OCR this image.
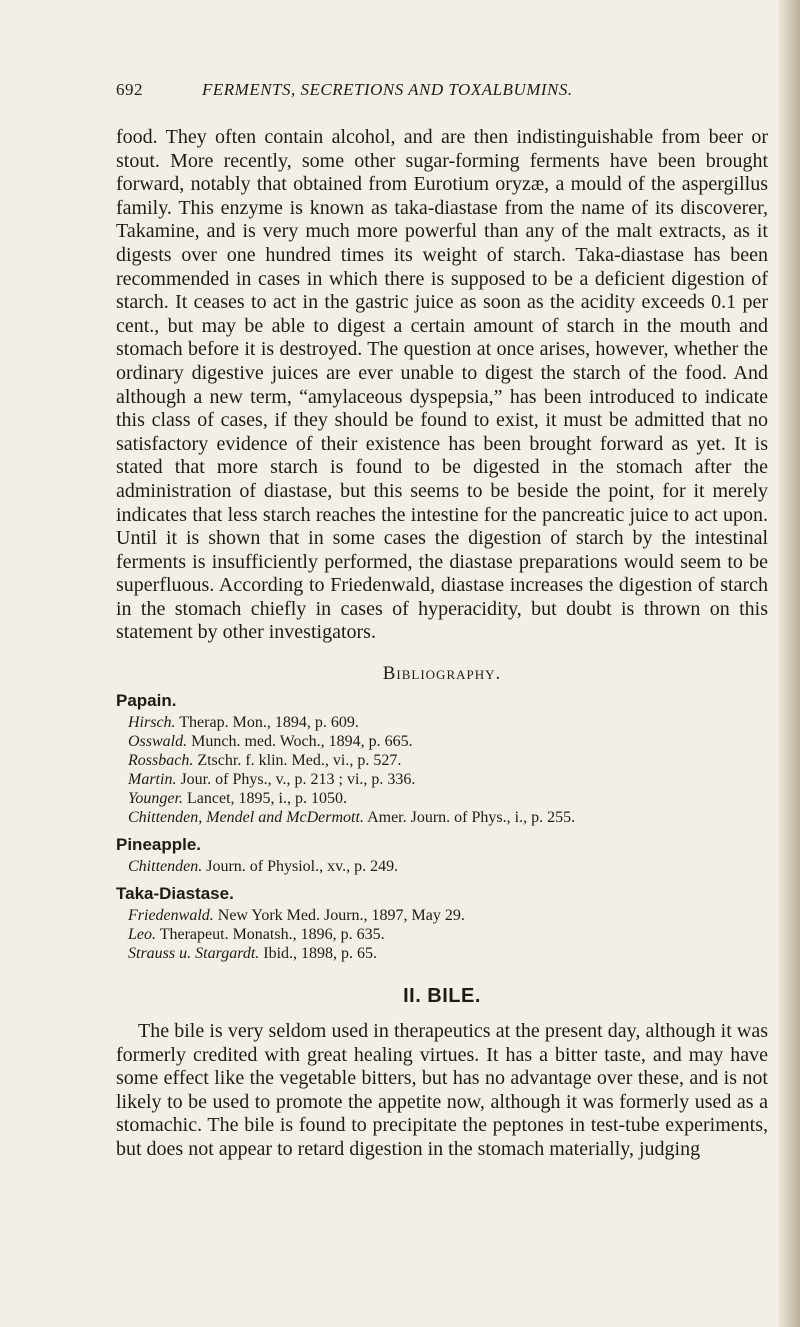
692	FERMENTS, SECRETIONS AND TOXALBUMINS.

food. They often contain alcohol, and are then indistinguishable from beer or stout. More recently, some other sugar-forming ferments have been brought forward, notably that obtained from Eurotium oryzæ, a mould of the aspergillus family. This enzyme is known as taka-diastase from the name of its discoverer, Takamine, and is very much more powerful than any of the malt extracts, as it digests over one hundred times its weight of starch. Taka-diastase has been recommended in cases in which there is supposed to be a deficient digestion of starch. It ceases to act in the gastric juice as soon as the acidity exceeds 0.1 per cent., but may be able to digest a certain amount of starch in the mouth and stomach before it is destroyed. The question at once arises, however, whether the ordinary digestive juices are ever unable to digest the starch of the food. And although a new term, “amylaceous dyspepsia,” has been introduced to indicate this class of cases, if they should be found to exist, it must be admitted that no satisfactory evidence of their existence has been brought forward as yet. It is stated that more starch is found to be digested in the stomach after the administration of diastase, but this seems to be beside the point, for it merely indicates that less starch reaches the intestine for the pancreatic juice to act upon. Until it is shown that in some cases the digestion of starch by the intestinal ferments is insufficiently performed, the diastase preparations would seem to be superfluous. According to Friedenwald, diastase increases the digestion of starch in the stomach chiefly in cases of hyperacidity, but doubt is thrown on this statement by other investigators.

Bibliography.
Papain.
Hirsch. Therap. Mon., 1894, p. 609.
Osswald. Munch. med. Woch., 1894, p. 665.
Rossbach. Ztschr. f. klin. Med., vi., p. 527.
Martin. Jour. of Phys., v., p. 213 ; vi., p. 336.
Younger. Lancet, 1895, i., p. 1050.
Chittenden, Mendel and McDermott. Amer. Journ. of Phys., i., p. 255.
Pineapple.
Chittenden. Journ. of Physiol., xv., p. 249.
Taka-Diastase.
Friedenwald. New York Med. Journ., 1897, May 29.
Leo. Therapeut. Monatsh., 1896, p. 635.
Strauss u. Stargardt. Ibid., 1898, p. 65.
II. BILE.

The bile is very seldom used in therapeutics at the present day, although it was formerly credited with great healing virtues. It has a bitter taste, and may have some effect like the vegetable bitters, but has no advantage over these, and is not likely to be used to promote the appetite now, although it was formerly used as a stomachic. The bile is found to precipitate the peptones in test-tube experiments, but does not appear to retard digestion in the stomach materially, judging
